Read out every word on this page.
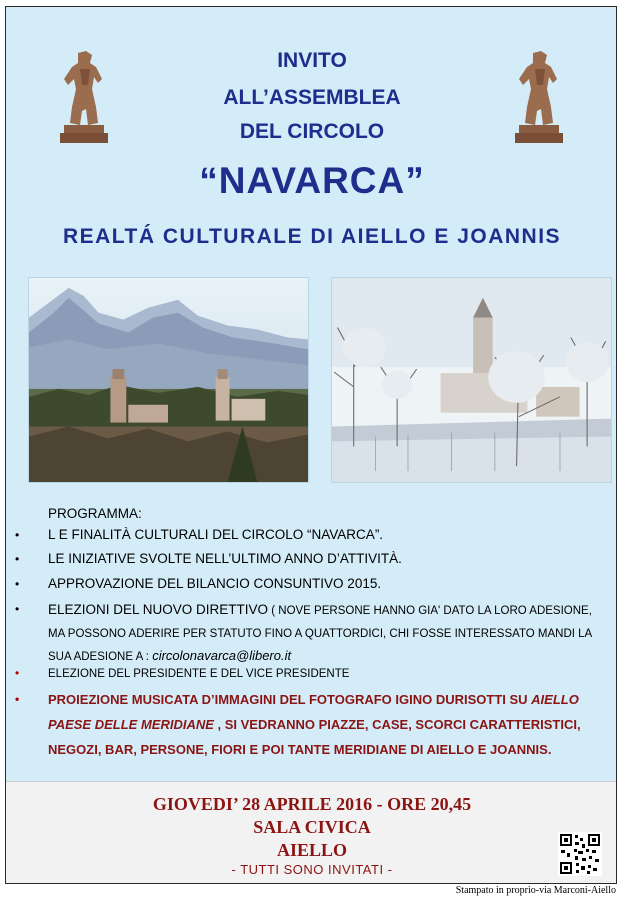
INVITO
ALL’ASSEMBLEA
DEL CIRCOLO
“NAVARCA”
REALTÁ CULTURALE DI AIELLO E JOANNIS
PROGRAMMA:
• L E FINALITÀ CULTURALI DEL CIRCOLO “NAVARCA”.
• LE INIZIATIVE SVOLTE NELL’ULTIMO ANNO D’ATTIVITÀ.
• APPROVAZIONE DEL BILANCIO CONSUNTIVO 2015.
• ELEZIONI DEL NUOVO DIRETTIVO ( NOVE PERSONE HANNO GIA' DATO LA LORO ADESIONE,
MA POSSONO ADERIRE PER STATUTO FINO A QUATTORDICI, CHI FOSSE INTERESSATO MANDI LA
SUA ADESIONE A : circolonavarca@libero.it
•	ELEZIONE DEL PRESIDENTE E DEL VICE PRESIDENTE
• PROIEZIONE MUSICATA D’IMMAGINI DEL FOTOGRAFO IGINO DURISOTTI SU AIELLO
PAESE DELLE MERIDIANE , SI VEDRANNO PIAZZE, CASE, SCORCI CARATTERISTICI,
NEGOZI, BAR, PERSONE, FIORI E POI TANTE MERIDIANE DI AIELLO E JOANNIS.
GIOVEDI’ 28 APRILE 2016 - ORE 20,45
SALA CIVICA
AIELLO
- TUTTI SONO INVITATI -
Stampato in proprio-via Marconi-Aiello
